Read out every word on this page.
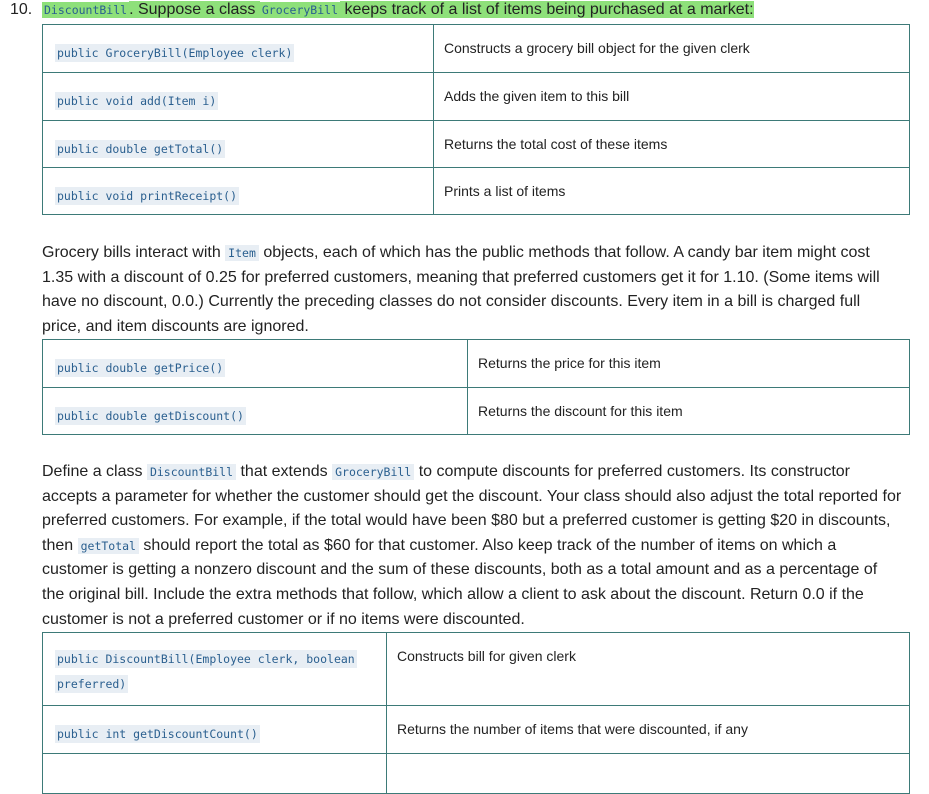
10. DiscountBill . Suppose a class GroceryBill keeps track of a list of items being purchased at a market:
public GroceryBill(Employee clerk)	Constructs a grocery bill object for the given clerk
public void add(Item i)	Adds the given item to this bill
public double getTotal()	Returns the total cost of these items
public void printReceipt()	Prints a list of items
Grocery bills interact with Item objects, each of which has the public methods that follow. A candy bar item might cost 1.35 with a discount of 0.25 for preferred customers, meaning that preferred customers get it for 1.10. (Some items will have no discount, 0.0.) Currently the preceding classes do not consider discounts. Every item in a bill is charged full price, and item discounts are ignored.
public double getPrice()	Returns the price for this item
public double getDiscount()	Returns the discount for this item
Define a class DiscountBill that extends GroceryBill to compute discounts for preferred customers. Its constructor accepts a parameter for whether the customer should get the discount. Your class should also adjust the total reported for preferred customers. For example, if the total would have been $80 but a preferred customer is getting $20 in discounts, then getTotal should report the total as $60 for that customer. Also keep track of the number of items on which a customer is getting a nonzero discount and the sum of these discounts, both as a total amount and as a percentage of the original bill. Include the extra methods that follow, which allow a client to ask about the discount. Return 0.0 if the customer is not a preferred customer or if no items were discounted.
public DiscountBill(Employee clerk, boolean
preferred)	Constructs bill for given clerk
public int getDiscountCount()	Returns the number of items that were discounted, if any
